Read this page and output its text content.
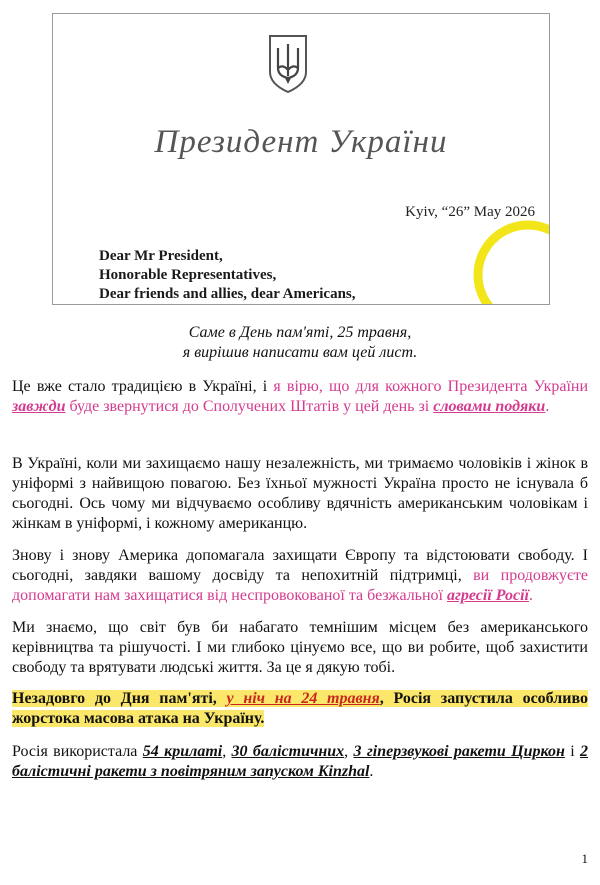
Президент України
Kyiv, “26” May 2026
Dear Mr President,
Honorable Representatives,
Dear friends and allies, dear Americans,
Саме в День пам'яті, 25 травня,
я вирішив написати вам цей лист.

Це вже стало традицією в Україні, і я вірю, що для кожного Президента України завжди буде звернутися до Сполучених Штатів у цей день зі словами подяки.

В Україні, коли ми захищаємо нашу незалежність, ми тримаємо чоловіків і жінок в уніформі з найвищою повагою. Без їхньої мужності Україна просто не існувала б сьогодні. Ось чому ми відчуваємо особливу вдячність американським чоловікам і жінкам в уніформі, і кожному американцю.

Знову і знову Америка допомагала захищати Європу та відстоювати свободу. І сьогодні, завдяки вашому досвіду та непохитній підтримці, ви продовжуєте допомагати нам захищатися від неспровокованої та безжальної агресії Росії.

Ми знаємо, що світ був би набагато темнішим місцем без американського керівництва та рішучості. І ми глибоко цінуємо все, що ви робите, щоб захистити свободу та врятувати людські життя. За це я дякую тобі.

Незадовго до Дня пам'яті, у ніч на 24 травня, Росія запустила особливо жорстока масова атака на Україну.

Росія використала 54 крилаті, 30 балістичних, 3 гіперзвукові ракети Циркон і 2 балістичні ракети з повітряним запуском Kinzhal.

1
